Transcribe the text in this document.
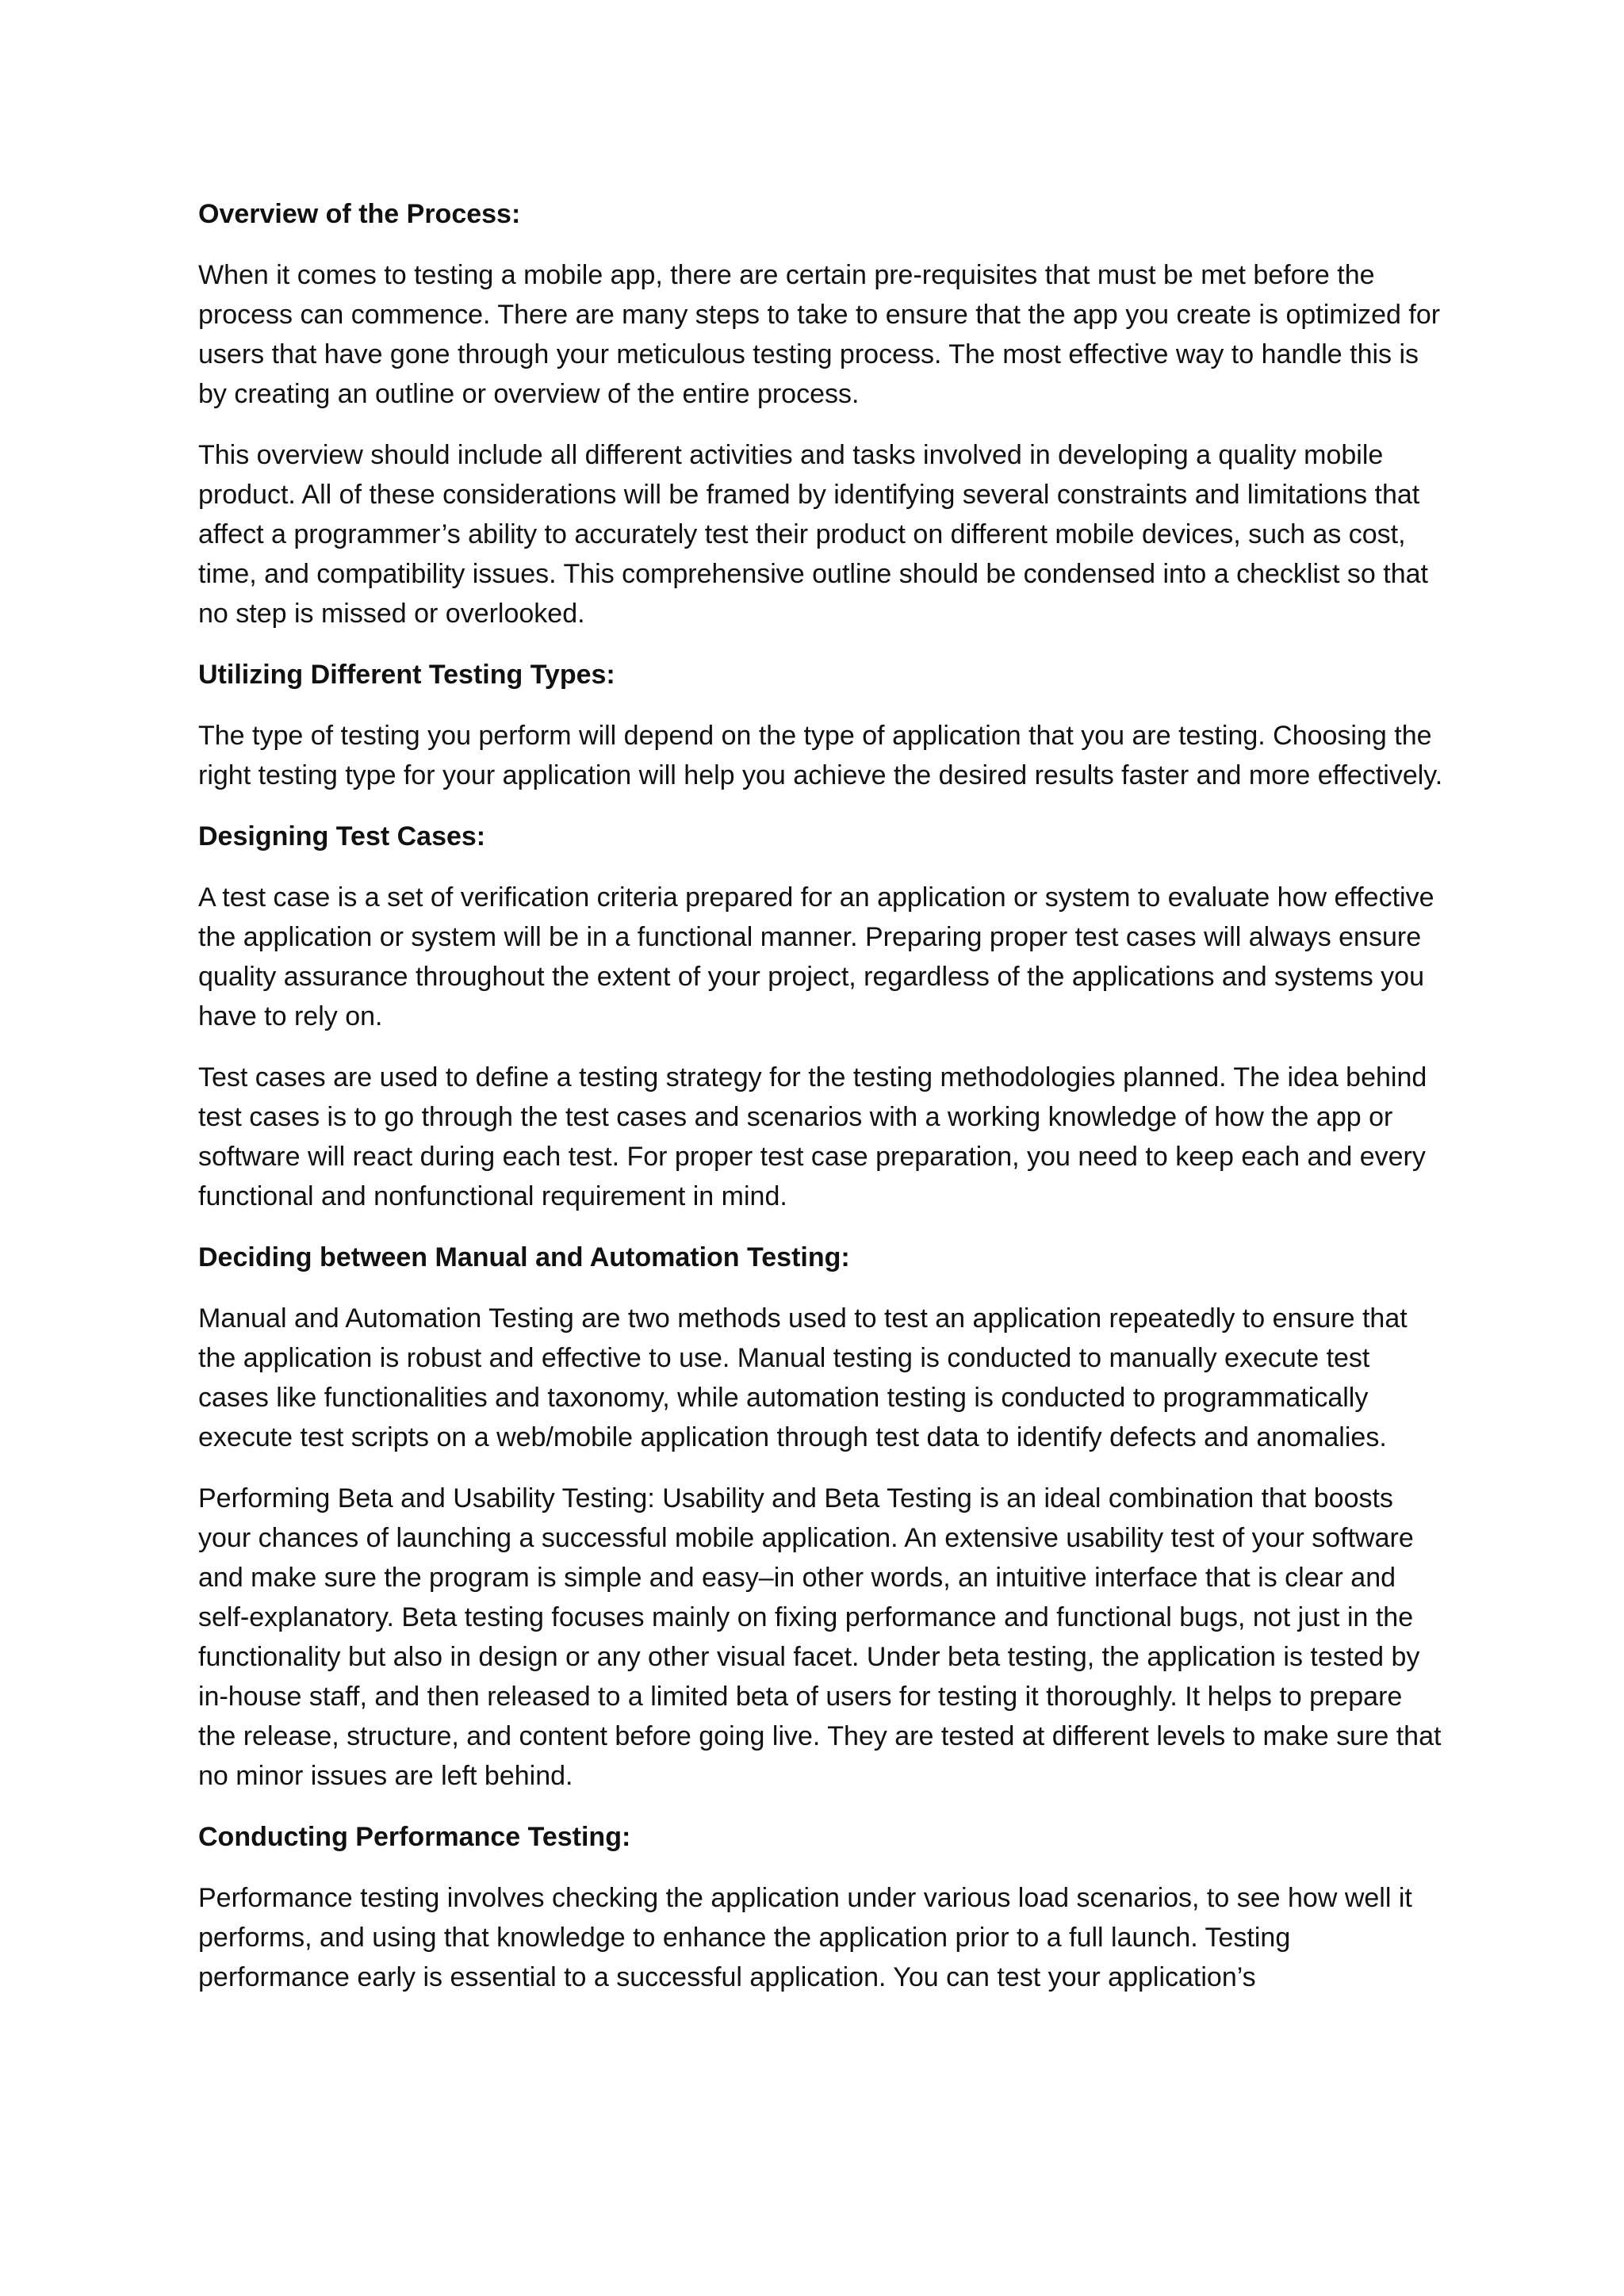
Overview of the Process:

When it comes to testing a mobile app, there are certain pre-requisites that must be met before the process can commence. There are many steps to take to ensure that the app you create is optimized for users that have gone through your meticulous testing process. The most effective way to handle this is by creating an outline or overview of the entire process.

This overview should include all different activities and tasks involved in developing a quality mobile product. All of these considerations will be framed by identifying several constraints and limitations that affect a programmer’s ability to accurately test their product on different mobile devices, such as cost, time, and compatibility issues. This comprehensive outline should be condensed into a checklist so that no step is missed or overlooked.

Utilizing Different Testing Types:

The type of testing you perform will depend on the type of application that you are testing. Choosing the right testing type for your application will help you achieve the desired results faster and more effectively.

Designing Test Cases:

A test case is a set of verification criteria prepared for an application or system to evaluate how effective the application or system will be in a functional manner. Preparing proper test cases will always ensure quality assurance throughout the extent of your project, regardless of the applications and systems you have to rely on.

Test cases are used to define a testing strategy for the testing methodologies planned. The idea behind test cases is to go through the test cases and scenarios with a working knowledge of how the app or software will react during each test. For proper test case preparation, you need to keep each and every functional and nonfunctional requirement in mind.

Deciding between Manual and Automation Testing:

Manual and Automation Testing are two methods used to test an application repeatedly to ensure that the application is robust and effective to use. Manual testing is conducted to manually execute test cases like functionalities and taxonomy, while automation testing is conducted to programmatically execute test scripts on a web/mobile application through test data to identify defects and anomalies.

Performing Beta and Usability Testing: Usability and Beta Testing is an ideal combination that boosts your chances of launching a successful mobile application. An extensive usability test of your software and make sure the program is simple and easy–in other words, an intuitive interface that is clear and self-explanatory. Beta testing focuses mainly on fixing performance and functional bugs, not just in the functionality but also in design or any other visual facet. Under beta testing, the application is tested by in-house staff, and then released to a limited beta of users for testing it thoroughly. It helps to prepare the release, structure, and content before going live. They are tested at different levels to make sure that no minor issues are left behind.

Conducting Performance Testing:

Performance testing involves checking the application under various load scenarios, to see how well it performs, and using that knowledge to enhance the application prior to a full launch. Testing performance early is essential to a successful application. You can test your application’s
